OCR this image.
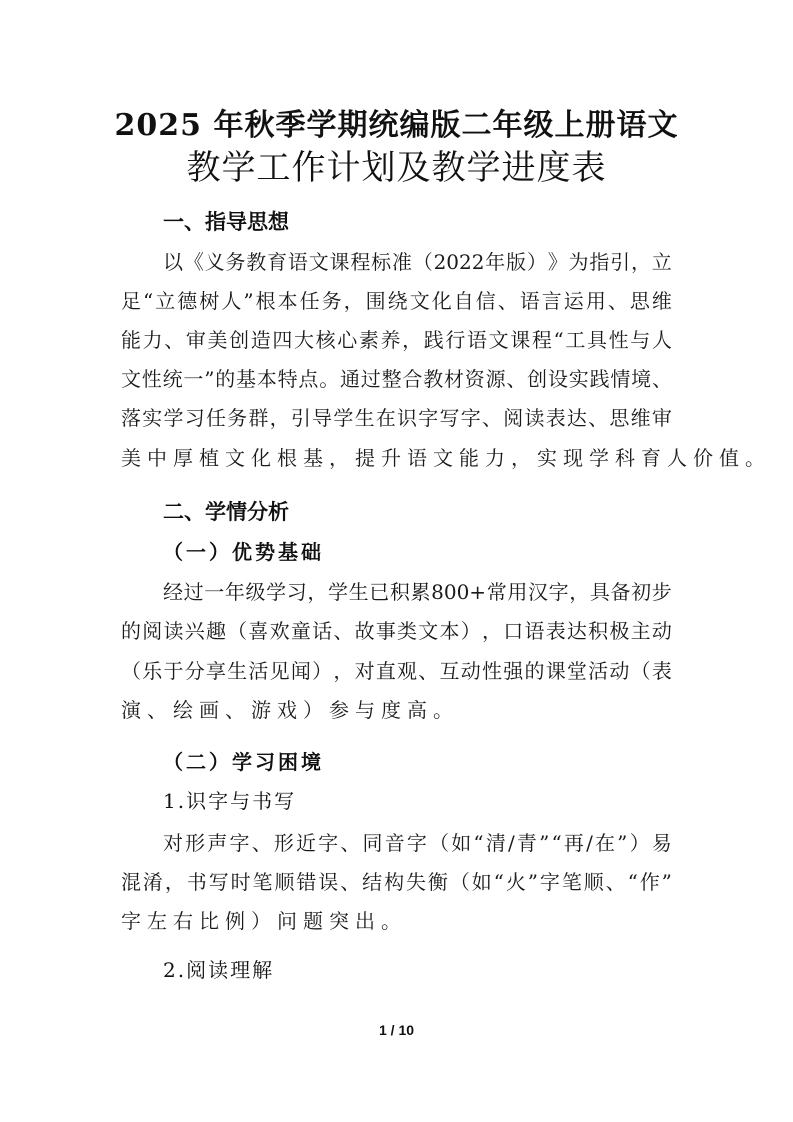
2025 年秋季学期统编版二年级上册语文
教学工作计划及教学进度表
一、指导思想
以 《 义 务 教 育 语 文 课 程 标 准 （ 2022 年 版 ） 》 为 指 引 ， 立
足 “ 立 德 树 人 ” 根 本 任 务 ， 围 绕 文 化 自 信 、 语 言 运 用 、 思 维
能 力 、 审 美 创 造 四 大 核 心 素 养 ， 践 行 语 文 课 程 “ 工 具 性 与 人
文 性 统 一 ” 的 基 本 特 点 。 通 过 整 合 教 材 资 源 、 创 设 实 践 情 境 、
落 实 学 习 任 务 群 ， 引 导 学 生 在 识 字 写 字 、 阅 读 表 达 、 思 维 审
美中厚植文化根基，提升语文能力，实现学科育人价值。
二、学情分析
（一）优势基础
经 过 一 年 级 学 习 ， 学 生 已 积 累 800+ 常 用 汉 字 ， 具 备 初 步
的 阅 读 兴 趣 （ 喜 欢 童 话 、 故 事 类 文 本 ） ， 口 语 表 达 积 极 主 动
（ 乐 于 分 享 生 活 见 闻 ） ， 对 直 观 、 互 动 性 强 的 课 堂 活 动 （ 表
演、绘画、游戏）参与度高。
（二）学习困境
1.识字与书写
对 形 声 字 、 形 近 字 、 同 音 字 （ 如 “ 清 / 青 ” “ 再 / 在 ” ） 易
混 淆 ， 书 写 时 笔 顺 错 误 、 结 构 失 衡 （ 如 “ 火 ” 字 笔 顺 、 “ 作 ”
字左右比例）问题突出。
2.阅读理解
1 / 10
